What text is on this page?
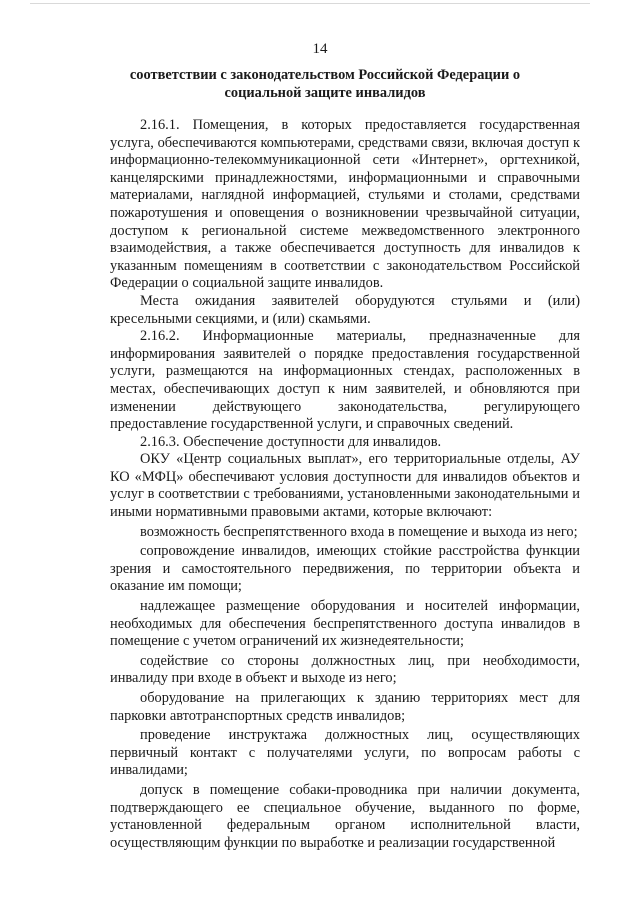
14
соответствии с законодательством Российской Федерации о социальной защите инвалидов

2.16.1. Помещения, в которых предоставляется государственная услуга, обеспечиваются компьютерами, средствами связи, включая доступ к информационно-телекоммуникационной сети «Интернет», оргтехникой, канцелярскими принадлежностями, информационными и справочными материалами, наглядной информацией, стульями и столами, средствами пожаротушения и оповещения о возникновении чрезвычайной ситуации, доступом к региональной системе межведомственного электронного взаимодействия, а также обеспечивается доступность для инвалидов к указанным помещениям в соответствии с законодательством Российской Федерации о социальной защите инвалидов.

Места ожидания заявителей оборудуются стульями и (или) кресельными секциями, и (или) скамьями.

2.16.2. Информационные материалы, предназначенные для информирования заявителей о порядке предоставления государственной услуги, размещаются на информационных стендах, расположенных в местах, обеспечивающих доступ к ним заявителей, и обновляются при изменении действующего законодательства, регулирующего предоставление государственной услуги, и справочных сведений.

2.16.3. Обеспечение доступности для инвалидов.

ОКУ «Центр социальных выплат», его территориальные отделы, АУ КО «МФЦ» обеспечивают условия доступности для инвалидов объектов и услуг в соответствии с требованиями, установленными законодательными и иными нормативными правовыми актами, которые включают:

возможность беспрепятственного входа в помещение и выхода из него;

сопровождение инвалидов, имеющих стойкие расстройства функции зрения и самостоятельного передвижения, по территории объекта и оказание им помощи;

надлежащее размещение оборудования и носителей информации, необходимых для обеспечения беспрепятственного доступа инвалидов в помещение с учетом ограничений их жизнедеятельности;

содействие со стороны должностных лиц, при необходимости, инвалиду при входе в объект и выходе из него;

оборудование на прилегающих к зданию территориях мест для парковки автотранспортных средств инвалидов;

проведение инструктажа должностных лиц, осуществляющих первичный контакт с получателями услуги, по вопросам работы с инвалидами;

допуск в помещение собаки-проводника при наличии документа, подтверждающего ее специальное обучение, выданного по форме, установленной федеральным органом исполнительной власти, осуществляющим функции по выработке и реализации государственной
